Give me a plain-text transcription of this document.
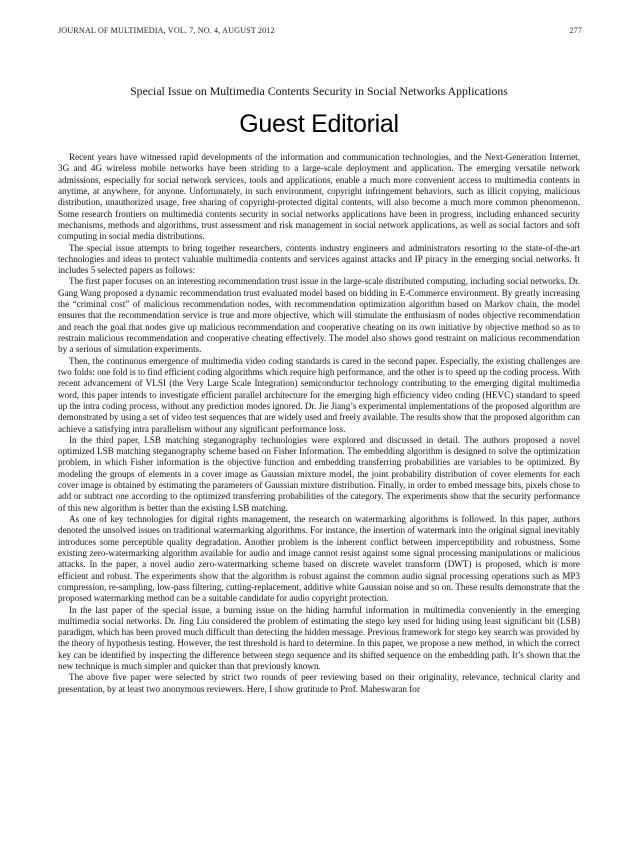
JOURNAL OF MULTIMEDIA, VOL. 7, NO. 4, AUGUST 2012	277
Special Issue on Multimedia Contents Security in Social Networks Applications
Guest Editorial

Recent years have witnessed rapid developments of the information and communication technologies, and the Next-Generation Internet, 3G and 4G wireless mobile networks have been striding to a large-scale deployment and application. The emerging versatile network admissions, especially for social network services, tools and applications, enable a much more convenient access to multimedia contents in anytime, at anywhere, for anyone. Unfortunately, in such environment, copyright infringement behaviors, such as illicit copying, malicious distribution, unauthorized usage, free sharing of copyright-protected digital contents, will also become a much more common phenomenon. Some research frontiers on multimedia contents security in social networks applications have been in progress, including enhanced security mechanisms, methods and algorithms, trust assessment and risk management in social network applications, as well as social factors and soft computing in social media distributions.

The special issue attempts to bring together researchers, contents industry engineers and administrators resorting to the state-of-the-art technologies and ideas to protect valuable multimedia contents and services against attacks and IP piracy in the emerging social networks. It includes 5 selected papers as follows:

The first paper focuses on an interesting recommendation trust issue in the large-scale distributed computing, including social networks. Dr. Gang Wang proposed a dynamic recommendation trust evaluated model based on bidding in E-Commerce environment. By greatly increasing the “criminal cost” of malicious recommendation nodes, with recommendation optimization algorithm based on Markov chain, the model ensures that the recommendation service is true and more objective, which will stimulate the enthusiasm of nodes objective recommendation and reach the goal that nodes give up malicious recommendation and cooperative cheating on its own initiative by objective method so as to restrain malicious recommendation and cooperative cheating effectively. The model also shows good restraint on malicious recommendation by a serious of simulation experiments.

Then, the continuous emergence of multimedia video coding standards is cared in the second paper. Especially, the existing challenges are two folds: one fold is to find efficient coding algorithms which require high performance, and the other is to speed up the coding process. With recent advancement of VLSI (the Very Large Scale Integration) semiconductor technology contributing to the emerging digital multimedia word, this paper intends to investigate efficient parallel architecture for the emerging high efficiency video coding (HEVC) standard to speed up the intra coding process, without any prediction modes ignored. Dr. Jie Jiang’s experimental implementations of the proposed algorithm are demonstrated by using a set of video test sequences that are widely used and freely available. The results show that the proposed algorithm can achieve a satisfying intra parallelism without any significant performance loss.

In the third paper, LSB matching steganography technologies were explored and discussed in detail. The authors proposed a novel optimized LSB matching steganography scheme based on Fisher Information. The embedding algorithm is designed to solve the optimization problem, in which Fisher information is the objective function and embedding transferring probabilities are variables to be optimized. By modeling the groups of elements in a cover image as Gaussian mixture model, the joint probability distribution of cover elements for each cover image is obtained by estimating the parameters of Gaussian mixture distribution. Finally, in order to embed message bits, pixels chose to add or subtract one according to the optimized transferring probabilities of the category. The experiments show that the security performance of this new algorithm is better than the existing LSB matching.

As one of key technologies for digital rights management, the research on watermarking algorithms is followed. In this paper, authors denoted the unsolved issues on traditional watermarking algorithms. For instance, the insertion of watermark into the original signal inevitably introduces some perceptible quality degradation. Another problem is the inherent conflict between imperceptibility and robustness. Some existing zero-watermarking algorithm available for audio and image cannot resist against some signal processing manipulations or malicious attacks. In the paper, a novel audio zero-watermarking scheme based on discrete wavelet transform (DWT) is proposed, which is more efficient and robust. The experiments show that the algorithm is robust against the common audio signal processing operations such as MP3 compression, re-sampling, low-pass filtering, cutting-replacement, additive white Gaussian noise and so on. These results demonstrate that the proposed watermarking method can be a suitable candidate for audio copyright protection.

In the last paper of the special issue, a burning issue on the hiding harmful information in multimedia conveniently in the emerging multimedia social networks. Dr. Jing Liu considered the problem of estimating the stego key used for hiding using least significant bit (LSB) paradigm, which has been proved much difficult than detecting the hidden message. Previous framework for stego key search was provided by the theory of hypothesis testing. However, the test threshold is hard to determine. In this paper, we propose a new method, in which the correct key can be identified by inspecting the difference between stego sequence and its shifted sequence on the embedding path. It’s shown that the new technique is much simpler and quicker than that previously known.

The above five paper were selected by strict two rounds of peer reviewing based on their originality, relevance, technical clarity and presentation, by at least two anonymous reviewers. Here, I show gratitude to Prof. Maheswaran for
